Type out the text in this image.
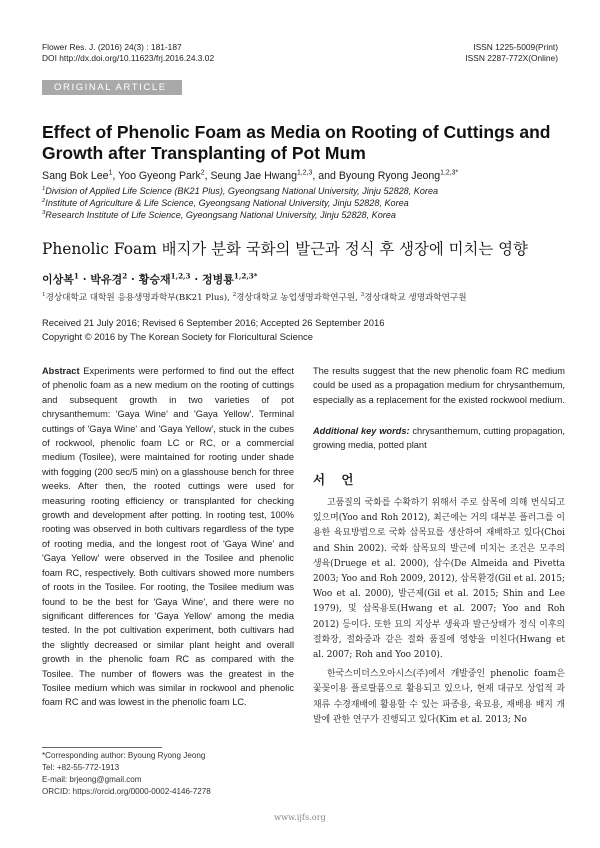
Flower Res. J. (2016) 24(3) : 181-187
DOI http://dx.doi.org/10.11623/frj.2016.24.3.02
ISSN 1225-5009(Print)
ISSN 2287-772X(Online)
ORIGINAL ARTICLE
Effect of Phenolic Foam as Media on Rooting of Cuttings and Growth after Transplanting of Pot Mum
Sang Bok Lee$^1$, Yoo Gyeong Park$^2$, Seung Jae Hwang$^{1,2,3}$, and Byoung Ryong Jeong$^{1,2,3*}$
$^1$Division of Applied Life Science (BK21 Plus), Gyeongsang National University, Jinju 52828, Korea
$^2$Institute of Agriculture & Life Science, Gyeongsang National University, Jinju 52828, Korea
$^3$Research Institute of Life Science, Gyeongsang National University, Jinju 52828, Korea
Phenolic Foam 배지가 분화 국화의 발근과 정식 후 생장에 미치는 영향
이상복$^1$ · 박유경$^2$ · 황승재$^{1,2,3}$ · 정병룡$^{1,2,3*}$
$^1$경상대학교 대학원 응용생명과학부(BK21 Plus), $^2$경상대학교 농업생명과학연구원, $^3$경상대학교 생명과학연구원
Received 21 July 2016; Revised 6 September 2016; Accepted 26 September 2016
Copyright © 2016 by The Korean Society for Floricultural Science
Abstract Experiments were performed to find out the effect of phenolic foam as a new medium on the rooting of cuttings and subsequent growth in two varieties of pot chrysanthemum: 'Gaya Wine' and 'Gaya Yellow'. Terminal cuttings of 'Gaya Wine' and 'Gaya Yellow', stuck in the cubes of rockwool, phenolic foam LC or RC, or a commercial medium (Tosilee), were maintained for rooting under shade with fogging (200 sec/5 min) on a glasshouse bench for three weeks. After then, the rooted cuttings were used for measuring rooting efficiency or transplanted for checking growth and development after potting. In rooting test, 100% rooting was observed in both cultivars regardless of the type of rooting media, and the longest root of 'Gaya Wine' and 'Gaya Yellow' were observed in the Tosilee and phenolic foam RC, respectively. Both cultivars showed more numbers of roots in the Tosilee. For rooting, the Tosilee medium was found to be the best for 'Gaya Wine', and there were no significant differences for 'Gaya Yellow' among the media tested. In the pot cultivation experiment, both cultivars had the slightly decreased or similar plant height and overall growth in the phenolic foam RC as compared with the Tosilee. The number of flowers was the greatest in the Tosilee medium which was similar in rockwool and phenolic foam RC and was lowest in the phenolic foam LC.
The results suggest that the new phenolic foam RC medium could be used as a propagation medium for chrysanthemum, especially as a replacement for the existed rockwool medium.
Additional key words: chrysanthemum, cutting propagation, growing media, potted plant
서 언

고품질의 국화를 수확하기 위해서 주로 삽목에 의해 번식되고 있으며(Yoo and Roh 2012), 최근에는 거의 대부분 플러그를 이용한 육묘방법으로 국화 삽목묘를 생산하여 재배하고 있다(Choi and Shin 2002). 국화 삽목묘의 발근에 미치는 조건은 모주의 생육(Druege et al. 2000), 삽수(De Almeida and Pivetta 2003; Yoo and Roh 2009, 2012), 삽목환경(Gil et al. 2015; Woo et al. 2000), 발근제(Gil et al. 2015; Shin and Lee 1979), 및 삽목용토(Hwang et al. 2007; Yoo and Roh 2012) 등이다. 또한 묘의 지상부 생육과 발근상태가 정식 이후의 절화장, 절화중과 같은 절화 품질에 영향을 미친다(Hwang et al. 2007; Roh and Yoo 2010).

한국스미더스오아시스(주)에서 개발중인 phenolic foam은 꽃꽂이용 플로랄폼으로 활용되고 있으나, 현재 대규모 상업적 과채류 수경재배에 활용할 수 있는 파종용, 육묘용, 재배용 배지 개발에 관한 연구가 진행되고 있다(Kim et al. 2013; No

*Corresponding author: Byoung Ryong Jeong
Tel: +82-55-772-1913
E-mail: brjeong@gmail.com
ORCID: https://orcid.org/0000-0002-4146-7278
www.ijfs.org
